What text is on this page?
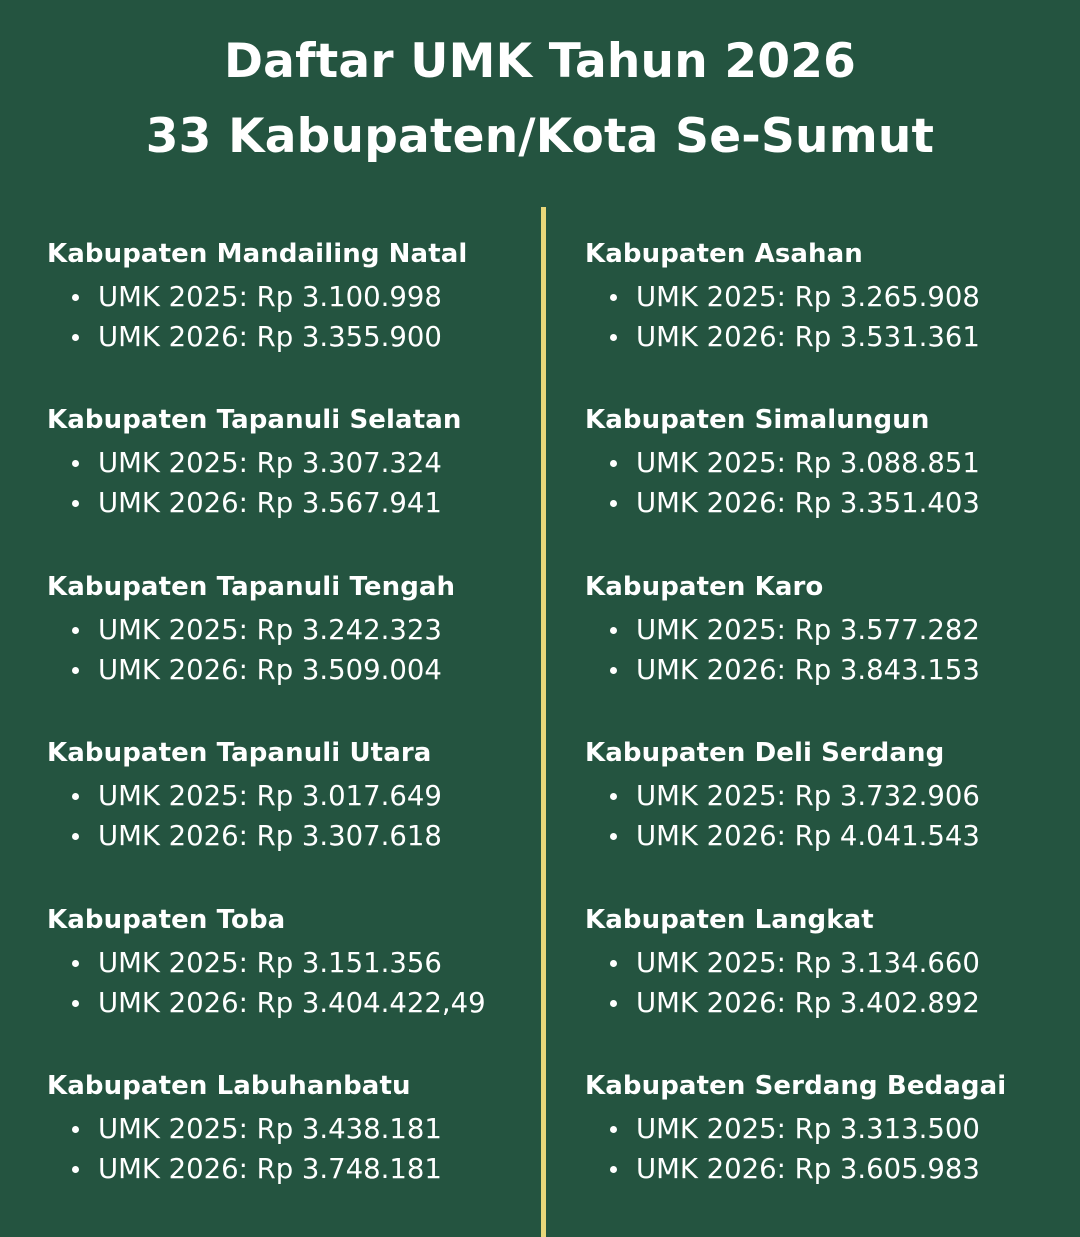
Daftar UMK Tahun 2026
33 Kabupaten/Kota Se-Sumut
Kabupaten Mandailing Natal
UMK 2025: Rp 3.100.998
UMK 2026: Rp 3.355.900
Kabupaten Tapanuli Selatan
UMK 2025: Rp 3.307.324
UMK 2026: Rp 3.567.941
Kabupaten Tapanuli Tengah
UMK 2025: Rp 3.242.323
UMK 2026: Rp 3.509.004
Kabupaten Tapanuli Utara
UMK 2025: Rp 3.017.649
UMK 2026: Rp 3.307.618
Kabupaten Toba
UMK 2025: Rp 3.151.356
UMK 2026: Rp 3.404.422,49
Kabupaten Labuhanbatu
UMK 2025: Rp 3.438.181
UMK 2026: Rp 3.748.181
Kabupaten Asahan
UMK 2025: Rp 3.265.908
UMK 2026: Rp 3.531.361
Kabupaten Simalungun
UMK 2025: Rp 3.088.851
UMK 2026: Rp 3.351.403
Kabupaten Karo
UMK 2025: Rp 3.577.282
UMK 2026: Rp 3.843.153
Kabupaten Deli Serdang
UMK 2025: Rp 3.732.906
UMK 2026: Rp 4.041.543
Kabupaten Langkat
UMK 2025: Rp 3.134.660
UMK 2026: Rp 3.402.892
Kabupaten Serdang Bedagai
UMK 2025: Rp 3.313.500
UMK 2026: Rp 3.605.983
